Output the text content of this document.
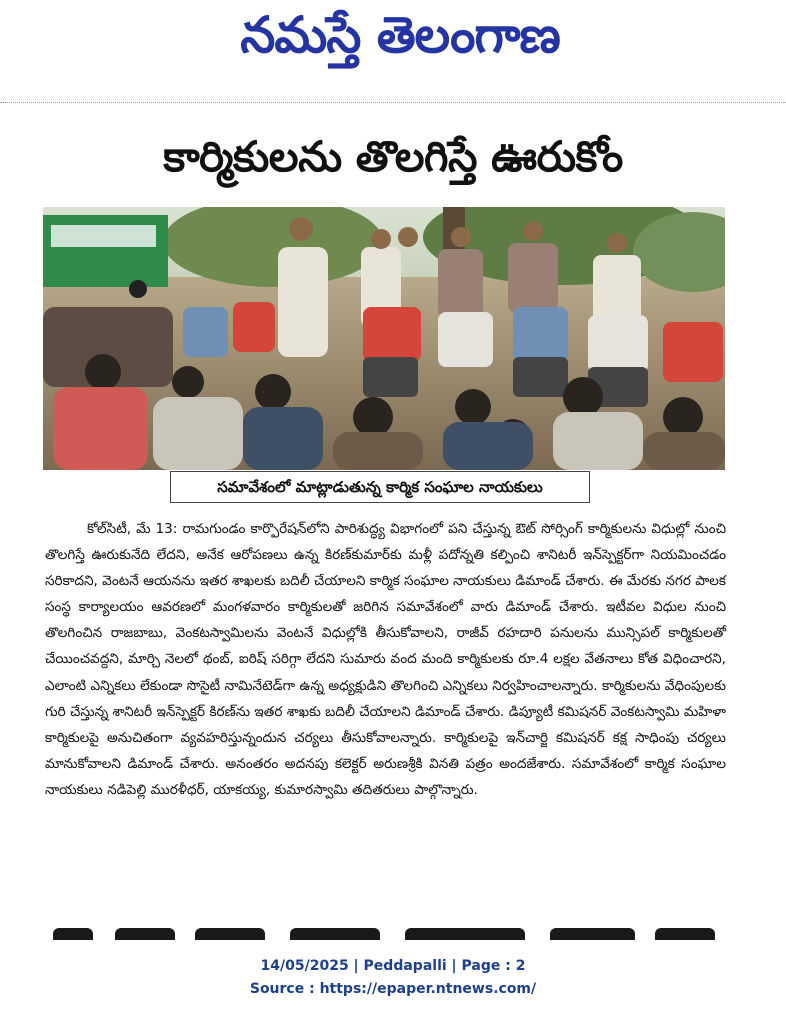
నమస్తే తెలంగాణ
కార్మికులను తొలగిస్తే ఊరుకోం
సమావేశంలో మాట్లాడుతున్న కార్మిక సంఘాల నాయకులు

కోల్‌సిటీ, మే 13: రామగుండం కార్పొరేషన్‌లోని పారిశుద్ధ్య విభాగంలో పని చేస్తున్న ఔట్ సోర్సింగ్ కార్మికులను విధుల్లో నుంచి తొలగిస్తే ఊరుకునేది లేదని, అనేక ఆరోపణలు ఉన్న కిరణ్‌కుమార్‌కు మళ్లీ పదోన్నతి కల్పించి శానిటరీ ఇన్‌స్పెక్టర్‌గా నియమించడం సరికాదని, వెంటనే ఆయనను ఇతర శాఖలకు బదిలీ చేయాలని కార్మిక సంఘాల నాయకులు డిమాండ్ చేశారు. ఈ మేరకు నగర పాలక సంస్థ కార్యాలయం ఆవరణలో మంగళవారం కార్మికులతో జరిగిన సమావేశంలో వారు డిమాండ్ చేశారు. ఇటీవల విధుల నుంచి తొలగించిన రాజబాబు, వెంకటస్వామిలను వెంటనే విధుల్లోకి తీసుకోవాలని, రాజీవ్ రహదారి పనులను మున్సిపల్ కార్మికులతో చేయించవద్దని, మార్చి నెలలో థంబ్, ఐరిష్ సరిగ్గా లేదని సుమారు వంద మంది కార్మికులకు రూ.4 లక్షల వేతనాలు కోత విధించారని, ఎలాంటి ఎన్నికలు లేకుండా సొసైటీ నామినేటెడ్‌గా ఉన్న అధ్యక్షుడిని తొలగించి ఎన్నికలు నిర్వహించాలన్నారు. కార్మికులను వేధింపులకు గురి చేస్తున్న శానిటరీ ఇన్‌స్పెక్టర్ కిరణ్‌ను ఇతర శాఖకు బదిలీ చేయాలని డిమాండ్ చేశారు. డిప్యూటీ కమిషనర్ వెంకటస్వామి మహిళా కార్మికులపై అనుచితంగా వ్యవహరిస్తున్నందున చర్యలు తీసుకోవాలన్నారు. కార్మికులపై ఇన్‌చార్జి కమిషనర్ కక్ష సాధింపు చర్యలు మానుకోవాలని డిమాండ్ చేశారు. అనంతరం అదనపు కలెక్టర్ అరుణశ్రీకి వినతి పత్రం అందజేశారు. సమావేశంలో కార్మిక సంఘాల నాయకులు నడిపెల్లి మురళీధర్, యాకయ్య, కుమారస్వామి తదితరులు పాల్గొన్నారు.

14/05/2025 | Peddapalli | Page : 2
Source : https://epaper.ntnews.com/
